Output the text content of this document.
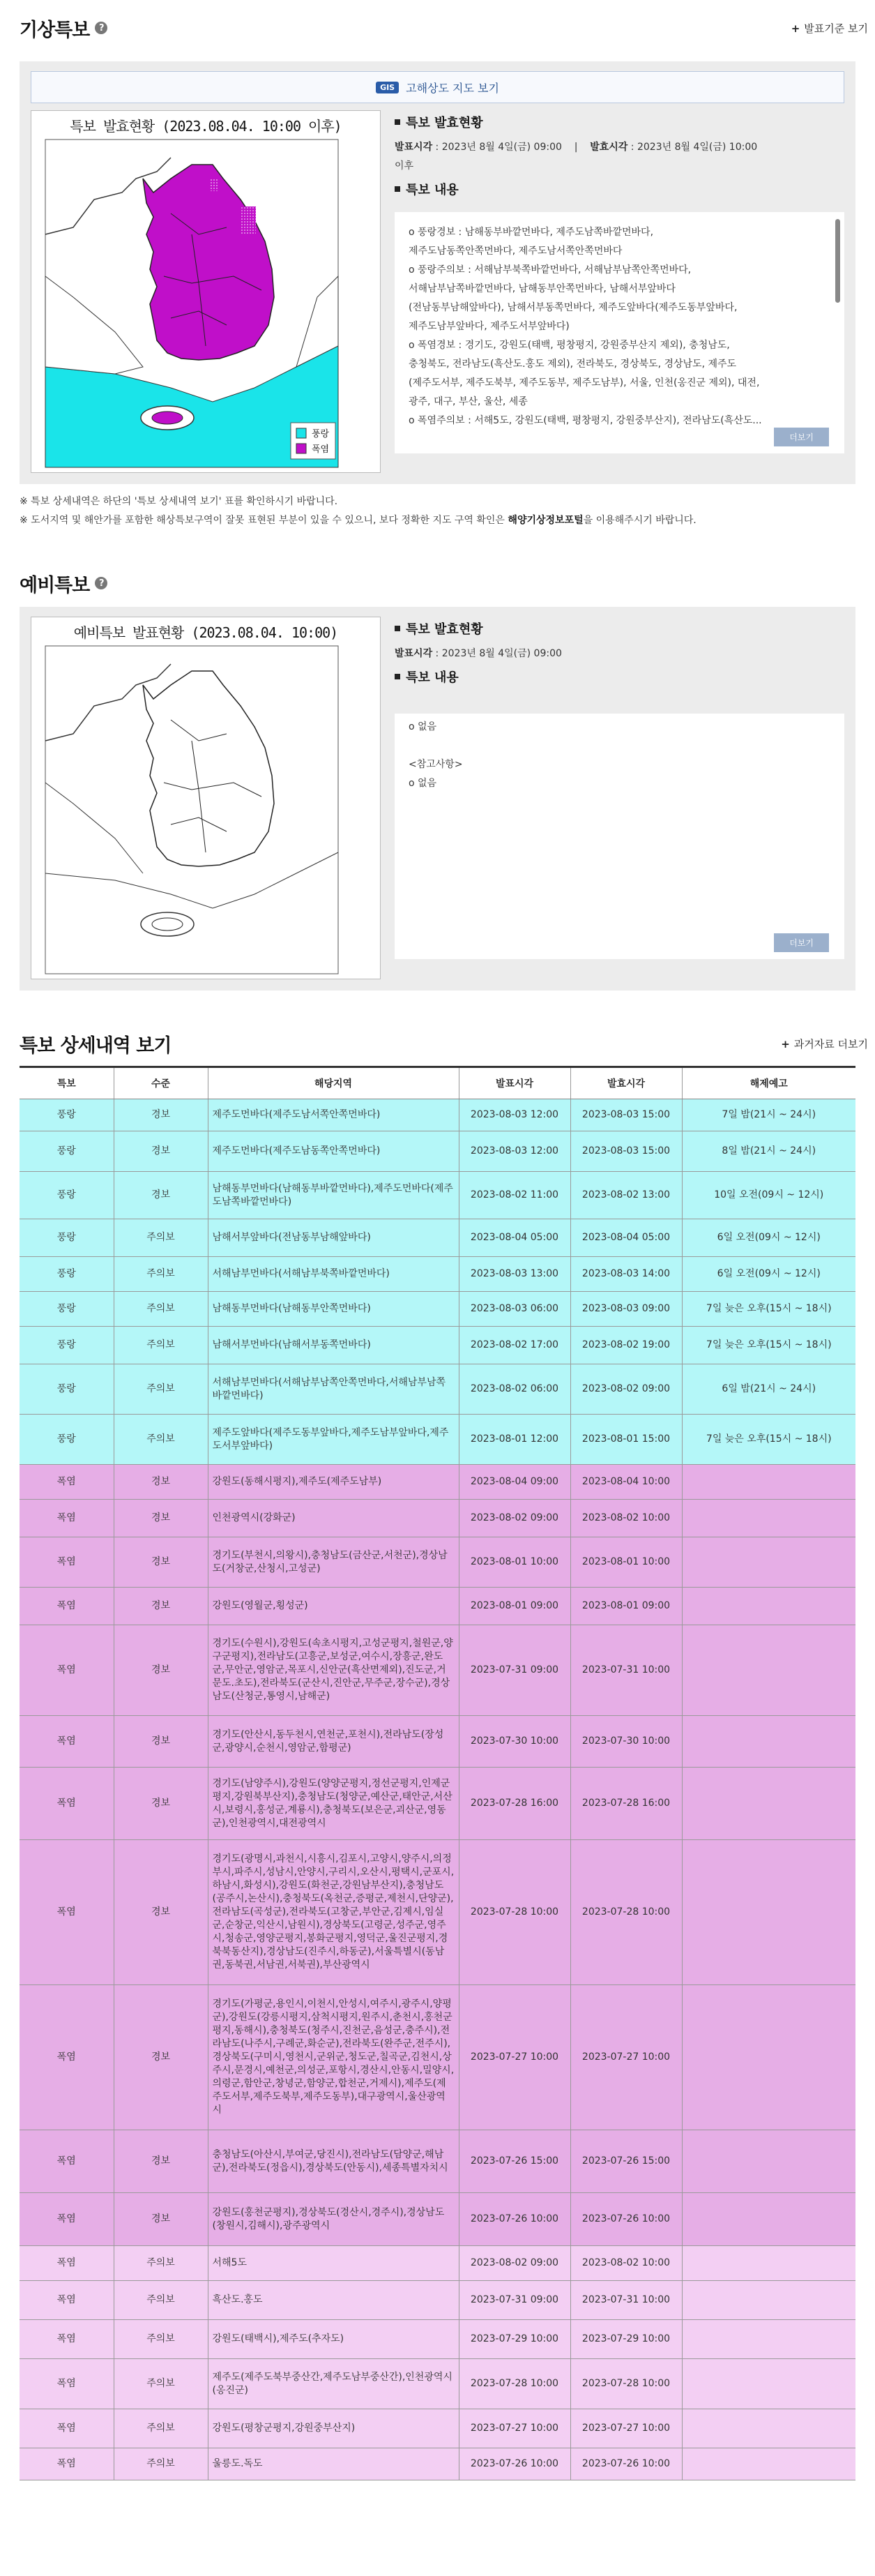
기상특보	?	+ 발표기준 보기
GIS	고해상도 지도 보기
특보 발효현황 (2023.08.04. 10:00 이후)
풍랑
폭염
특보 발효현황
발표시각 : 2023년 8월 4일(금) 09:00    |    발효시각 : 2023년 8월 4일(금) 10:00
이후
특보 내용
o 풍랑경보 : 남해동부바깥먼바다, 제주도남쪽바깥먼바다,
제주도남동쪽안쪽먼바다, 제주도남서쪽안쪽먼바다
o 풍랑주의보 : 서해남부북쪽바깥먼바다, 서해남부남쪽안쪽먼바다,
서해남부남쪽바깥먼바다, 남해동부안쪽먼바다, 남해서부앞바다
(전남동부남해앞바다), 남해서부동쪽먼바다, 제주도앞바다(제주도동부앞바다,
제주도남부앞바다, 제주도서부앞바다)
o 폭염경보 : 경기도, 강원도(태백, 평창평지, 강원중부산지 제외), 충청남도,
충청북도, 전라남도(흑산도.홍도 제외), 전라북도, 경상북도, 경상남도, 제주도
(제주도서부, 제주도북부, 제주도동부, 제주도남부), 서울, 인천(옹진군 제외), 대전,
광주, 대구, 부산, 울산, 세종
o 폭염주의보 : 서해5도, 강원도(태백, 평창평지, 강원중부산지), 전라남도(흑산도...
더보기
※ 특보 상세내역은 하단의 '특보 상세내역 보기' 표를 확인하시기 바랍니다.
※ 도서지역 및 해안가를 포함한 해상특보구역이 잘못 표현된 부분이 있을 수 있으니, 보다 정확한 지도 구역 확인은 해양기상정보포털을 이용해주시기 바랍니다.
예비특보	?
예비특보 발표현황 (2023.08.04. 10:00)	특보 발효현황
발표시각 : 2023년 8월 4일(금) 09:00
특보 내용
o 없음
<참고사항>
o 없음
더보기
특보 상세내역 보기	+ 과거자료 더보기
특보	수준	해당지역	발표시각	발효시각	해제예고
풍랑	경보	제주도먼바다(제주도남서쪽안쪽먼바다)	2023-08-03 12:00	2023-08-03 15:00	7일 밤(21시 ~ 24시)
풍랑	경보	제주도먼바다(제주도남동쪽안쪽먼바다)	2023-08-03 12:00	2023-08-03 15:00	8일 밤(21시 ~ 24시)
풍랑	경보	남해동부먼바다(남해동부바깥먼바다),제주도먼바다(제주도남쪽바깥먼바다)	2023-08-02 11:00	2023-08-02 13:00	10일 오전(09시 ~ 12시)
풍랑	주의보	남해서부앞바다(전남동부남해앞바다)	2023-08-04 05:00	2023-08-04 05:00	6일 오전(09시 ~ 12시)
풍랑	주의보	서해남부먼바다(서해남부북쪽바깥먼바다)	2023-08-03 13:00	2023-08-03 14:00	6일 오전(09시 ~ 12시)
풍랑	주의보	남해동부먼바다(남해동부안쪽먼바다)	2023-08-03 06:00	2023-08-03 09:00	7일 늦은 오후(15시 ~ 18시)
풍랑	주의보	남해서부먼바다(남해서부동쪽먼바다)	2023-08-02 17:00	2023-08-02 19:00	7일 늦은 오후(15시 ~ 18시)
풍랑	주의보	서해남부먼바다(서해남부남쪽안쪽먼바다,서해남부남쪽바깥먼바다)	2023-08-02 06:00	2023-08-02 09:00	6일 밤(21시 ~ 24시)
풍랑	주의보	제주도앞바다(제주도동부앞바다,제주도남부앞바다,제주도서부앞바다)	2023-08-01 12:00	2023-08-01 15:00	7일 늦은 오후(15시 ~ 18시)
폭염	경보	강원도(동해시평지),제주도(제주도남부)	2023-08-04 09:00	2023-08-04 10:00	
폭염	경보	인천광역시(강화군)	2023-08-02 09:00	2023-08-02 10:00	
폭염	경보	경기도(부천시,의왕시),충청남도(금산군,서천군),경상남도(거창군,산청시,고성군)	2023-08-01 10:00	2023-08-01 10:00	
폭염	경보	강원도(영월군,횡성군)	2023-08-01 09:00	2023-08-01 09:00	
폭염	경보	경기도(수원시),강원도(속초시평지,고성군평지,철원군,양구군평지),전라남도(고흥군,보성군,여수시,장흥군,완도군,무안군,영암군,목포시,신안군(흑산면제외),진도군,거문도.초도),전라북도(군산시,진안군,무주군,장수군),경상남도(산청군,통영시,남해군)	2023-07-31 09:00	2023-07-31 10:00	
폭염	경보	경기도(안산시,동두천시,연천군,포천시),전라남도(장성군,광양시,순천시,영암군,함평군)	2023-07-30 10:00	2023-07-30 10:00	
폭염	경보	경기도(남양주시),강원도(양양군평지,정선군평지,인제군평지,강원북부산지),충청남도(청양군,예산군,태안군,서산시,보령시,홍성군,계룡시),충청북도(보은군,괴산군,영동군),인천광역시,대전광역시	2023-07-28 16:00	2023-07-28 16:00	
폭염	경보	경기도(광명시,과천시,시흥시,김포시,고양시,양주시,의정부시,파주시,성남시,안양시,구리시,오산시,평택시,군포시,하남시,화성시),강원도(화천군,강원남부산지),충청남도(공주시,논산시),충청북도(옥천군,증평군,제천시,단양군),전라남도(곡성군),전라북도(고창군,부안군,김제시,임실군,순창군,익산시,남원시),경상북도(고령군,성주군,영주시,청송군,영양군평지,봉화군평지,영덕군,울진군평지,경북북동산지),경상남도(진주시,하동군),서울특별시(동남권,동북권,서남권,서북권),부산광역시	2023-07-28 10:00	2023-07-28 10:00	
폭염	경보	경기도(가평군,용인시,이천시,안성시,여주시,광주시,양평군),강원도(강릉시평지,삼척시평지,원주시,춘천시,홍천군평지,동해시),충청북도(청주시,진천군,음성군,충주시),전라남도(나주시,구례군,화순군),전라북도(완주군,전주시),경상북도(구미시,영천시,군위군,청도군,칠곡군,김천시,상주시,문경시,예천군,의성군,포항시,경산시,안동시,밀양시,의령군,함안군,창녕군,함양군,합천군,거제시),제주도(제주도서부,제주도북부,제주도동부),대구광역시,울산광역시	2023-07-27 10:00	2023-07-27 10:00	
폭염	경보	충청남도(아산시,부여군,당진시),전라남도(담양군,해남군),전라북도(정읍시),경상북도(안동시),세종특별자치시	2023-07-26 15:00	2023-07-26 15:00	
폭염	경보	강원도(홍천군평지),경상북도(경산시,경주시),경상남도(창원시,김해시),광주광역시	2023-07-26 10:00	2023-07-26 10:00	
폭염	주의보	서해5도	2023-08-02 09:00	2023-08-02 10:00	
폭염	주의보	흑산도.홍도	2023-07-31 09:00	2023-07-31 10:00	
폭염	주의보	강원도(태백시),제주도(추자도)	2023-07-29 10:00	2023-07-29 10:00	
폭염	주의보	제주도(제주도북부중산간,제주도남부중산간),인천광역시(옹진군)	2023-07-28 10:00	2023-07-28 10:00	
폭염	주의보	강원도(평창군평지,강원중부산지)	2023-07-27 10:00	2023-07-27 10:00	
폭염	주의보	울릉도.독도	2023-07-26 10:00	2023-07-26 10:00	
